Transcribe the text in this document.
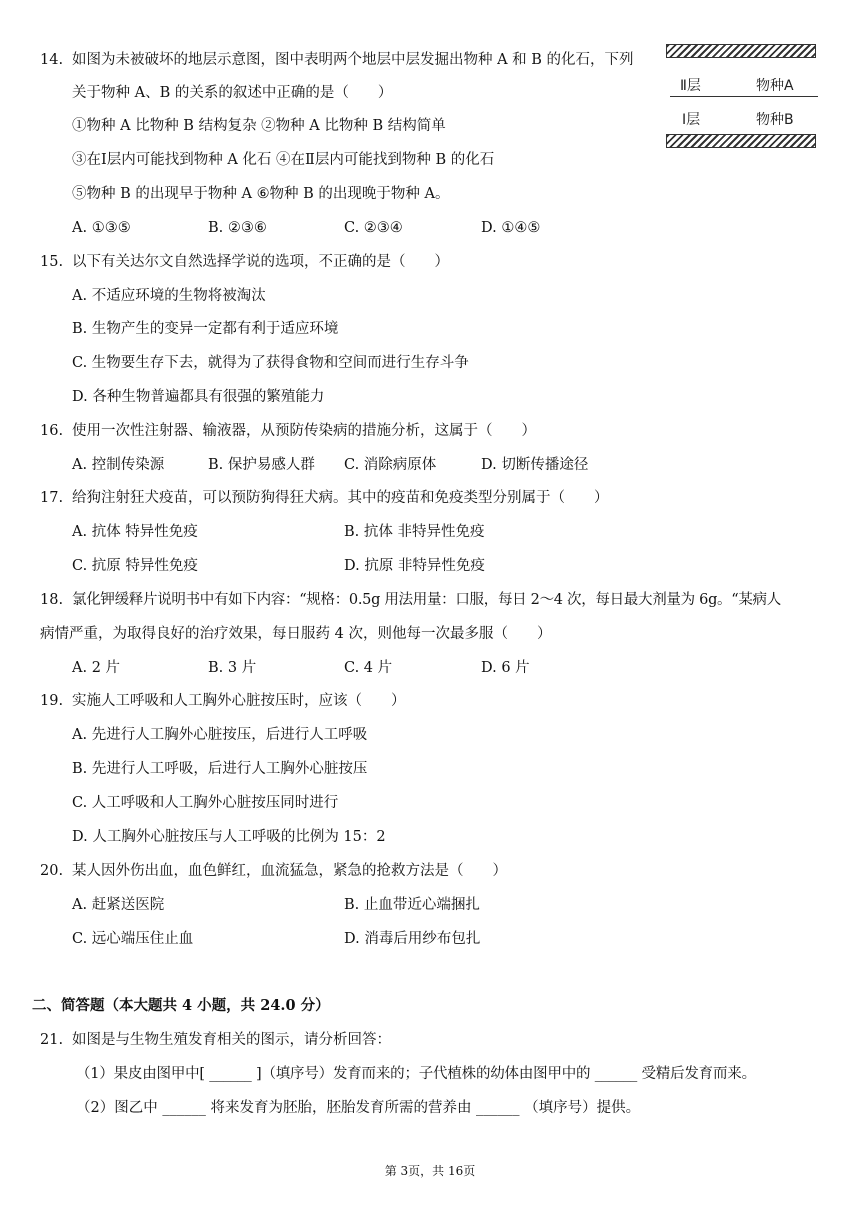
14. 如图为未被破坏的地层示意图，图中表明两个地层中层发掘出物种 A 和 B 的化石，下列
关于物种 A、B 的关系的叙述中正确的是（　　）
①物种 A 比物种 B 结构复杂 ②物种 A 比物种 B 结构简单
③在Ⅰ层内可能找到物种 A 化石 ④在Ⅱ层内可能找到物种 B 的化石
⑤物种 B 的出现早于物种 A ⑥物种 B 的出现晚于物种 A。
A. ①③⑤	B. ②③⑥	C. ②③④	D. ①④⑤
Ⅱ层	物种A
Ⅰ层	物种B
15. 以下有关达尔文自然选择学说的选项，不正确的是（　　）
A. 不适应环境的生物将被淘汰
B. 生物产生的变异一定都有利于适应环境
C. 生物要生存下去，就得为了获得食物和空间而进行生存斗争
D. 各种生物普遍都具有很强的繁殖能力
16. 使用一次性注射器、输液器，从预防传染病的措施分析，这属于（　　）
A. 控制传染源	B. 保护易感人群 C. 消除病原体	D. 切断传播途径
17. 给狗注射狂犬疫苗，可以预防狗得狂犬病。其中的疫苗和免疫类型分别属于（　　）
A. 抗体 特异性免疫	B. 抗体 非特异性免疫
C. 抗原 特异性免疫	D. 抗原 非特异性免疫
18. 氯化钾缓释片说明书中有如下内容：“规格：0.5g 用法用量：口服，每日 2～4 次，每日最大剂量为 6g。“某病人
病情严重，为取得良好的治疗效果，每日服药 4 次，则他每一次最多服（　　）
A. 2 片	B. 3 片	C. 4 片	D. 6 片
19. 实施人工呼吸和人工胸外心脏按压时，应该（　　）
A. 先进行人工胸外心脏按压，后进行人工呼吸
B. 先进行人工呼吸，后进行人工胸外心脏按压
C. 人工呼吸和人工胸外心脏按压同时进行
D. 人工胸外心脏按压与人工呼吸的比例为 15：2
20. 某人因外伤出血，血色鲜红，血流猛急，紧急的抢救方法是（　　）
A. 赶紧送医院	B. 止血带近心端捆扎
C. 远心端压住止血	D. 消毒后用纱布包扎
二、简答题（本大题共 4 小题，共 24.0 分）
21. 如图是与生物生殖发育相关的图示，请分析回答：
（1）果皮由图甲中[ ______ ]（填序号）发育而来的；子代植株的幼体由图甲中的 ______ 受精后发育而来。
（2）图乙中 ______ 将来发育为胚胎，胚胎发育所需的营养由 ______ （填序号）提供。
第 3页，共 16页
